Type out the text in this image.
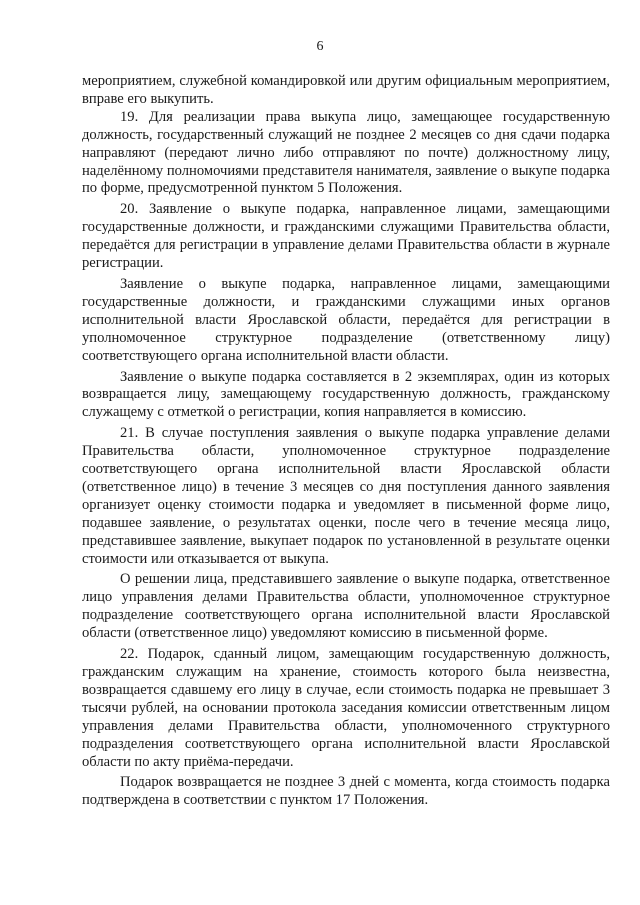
6

мероприятием, служебной командировкой или другим официальным мероприятием, вправе его выкупить.

19. Для реализации права выкупа лицо, замещающее государственную должность, государственный служащий не позднее 2 месяцев со дня сдачи подарка направляют (передают лично либо отправляют по почте) должностному лицу, наделённому полномочиями представителя нанимателя, заявление о выкупе подарка по форме, предусмотренной пунктом 5 Положения.

20. Заявление о выкупе подарка, направленное лицами, замещающими государственные должности, и гражданскими служащими Правительства области, передаётся для регистрации в управление делами Правительства области в журнале регистрации.

Заявление о выкупе подарка, направленное лицами, замещающими государственные должности, и гражданскими служащими иных органов исполнительной власти Ярославской области, передаётся для регистрации в уполномоченное структурное подразделение (ответственному лицу) соответствующего органа исполнительной власти области.

Заявление о выкупе подарка составляется в 2 экземплярах, один из которых возвращается лицу, замещающему государственную должность, гражданскому служащему с отметкой о регистрации, копия направляется в комиссию.

21. В случае поступления заявления о выкупе подарка управление делами Правительства области, уполномоченное структурное подразделение соответствующего органа исполнительной власти Ярославской области (ответственное лицо) в течение 3 месяцев со дня поступления данного заявления организует оценку стоимости подарка и уведомляет в письменной форме лицо, подавшее заявление, о результатах оценки, после чего в течение месяца лицо, представившее заявление, выкупает подарок по установленной в результате оценки стоимости или отказывается от выкупа.

О решении лица, представившего заявление о выкупе подарка, ответственное лицо управления делами Правительства области, уполномоченное структурное подразделение соответствующего органа исполнительной власти Ярославской области (ответственное лицо) уведомляют комиссию в письменной форме.

22. Подарок, сданный лицом, замещающим государственную должность, гражданским служащим на хранение, стоимость которого была неизвестна, возвращается сдавшему его лицу в случае, если стоимость подарка не превышает 3 тысячи рублей, на основании протокола заседания комиссии ответственным лицом управления делами Правительства области, уполномоченного структурного подразделения соответствующего органа исполнительной власти Ярославской области по акту приёма-передачи.

Подарок возвращается не позднее 3 дней с момента, когда стоимость подарка подтверждена в соответствии с пунктом 17 Положения.
